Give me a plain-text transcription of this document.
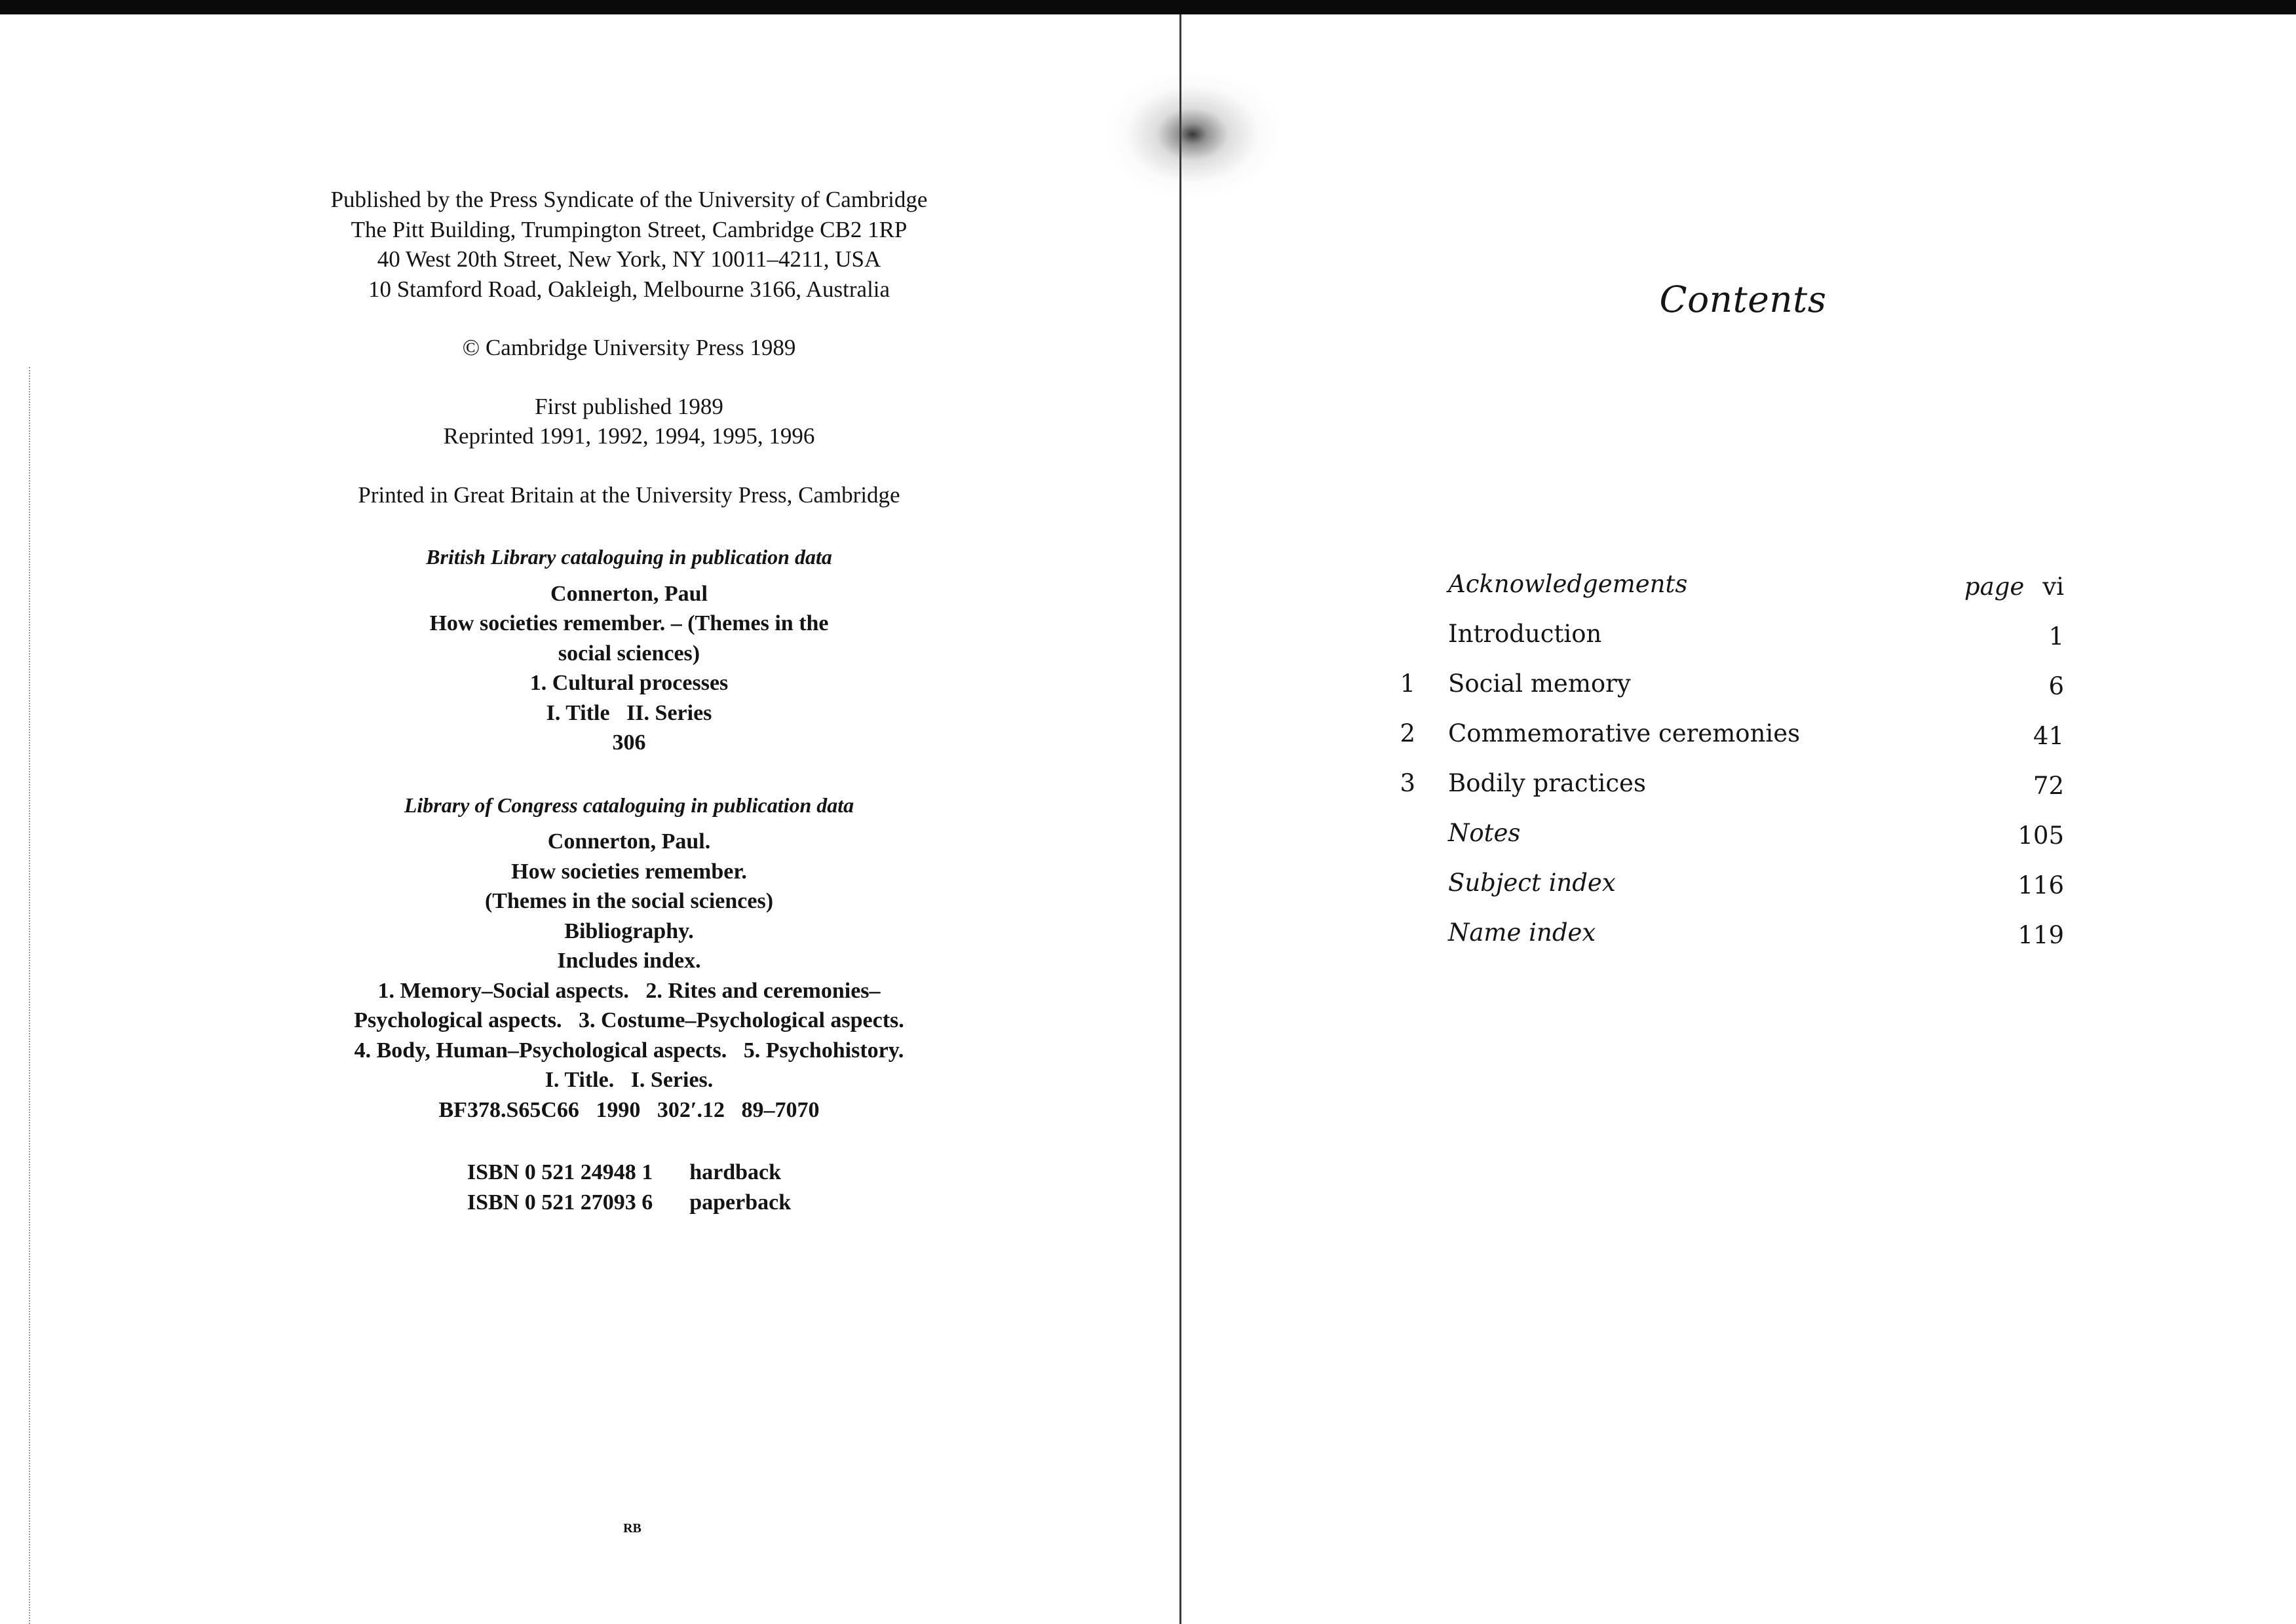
Published by the Press Syndicate of the University of Cambridge
The Pitt Building, Trumpington Street, Cambridge CB2 1RP
40 West 20th Street, New York, NY 10011–4211, USA
10 Stamford Road, Oakleigh, Melbourne 3166, Australia
© Cambridge University Press 1989
First published 1989
Reprinted 1991, 1992, 1994, 1995, 1996
Printed in Great Britain at the University Press, Cambridge
British Library cataloguing in publication data
Connerton, Paul
How societies remember. – (Themes in the
social sciences)
1. Cultural processes
I. Title   II. Series
306
Library of Congress cataloguing in publication data
Connerton, Paul.
How societies remember.
(Themes in the social sciences)
Bibliography.
Includes index.
1. Memory–Social aspects.   2. Rites and ceremonies–
Psychological aspects.   3. Costume–Psychological aspects.
4. Body, Human–Psychological aspects.   5. Psychohistory.
I. Title.   I. Series.
BF378.S65C66   1990   302′.12   89–7070
ISBN 0 521 24948 1	hardback
ISBN 0 521 27093 6	paperback
RB
Contents
Acknowledgements	page vi
Introduction	1
1 Social memory	6
2 Commemorative ceremonies	41
3 Bodily practices	72
Notes	105
Subject index	116
Name index	119
